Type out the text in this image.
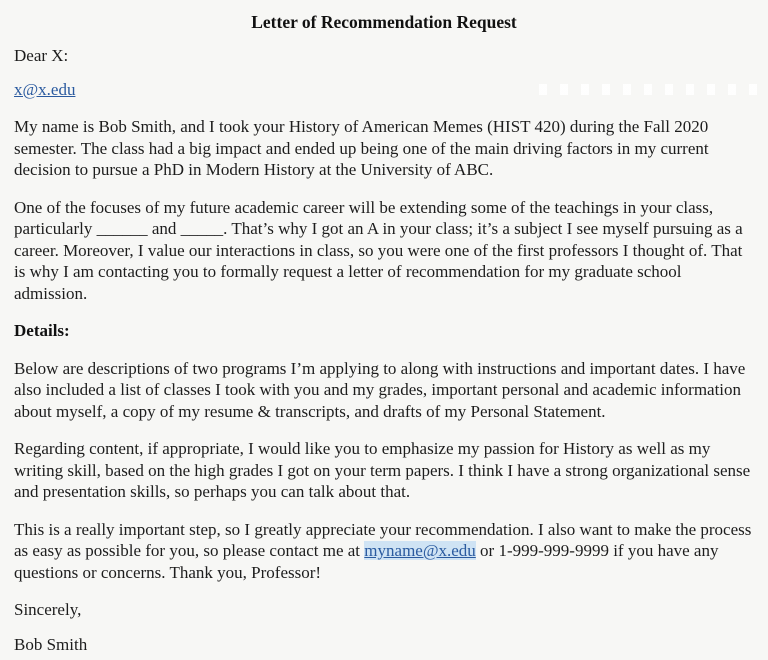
Letter of Recommendation Request

Dear X:

x@x.edu

My name is Bob Smith, and I took your History of American Memes (HIST 420) during the Fall 2020 semester. The class had a big impact and ended up being one of the main driving factors in my current decision to pursue a PhD in Modern History at the University of ABC.

One of the focuses of my future academic career will be extending some of the teachings in your class, particularly ______ and _____. That’s why I got an A in your class; it’s a subject I see myself pursuing as a career. Moreover, I value our interactions in class, so you were one of the first professors I thought of. That is why I am contacting you to formally request a letter of recommendation for my graduate school admission.

Details:

Below are descriptions of two programs I’m applying to along with instructions and important dates. I have also included a list of classes I took with you and my grades, important personal and academic information about myself, a copy of my resume & transcripts, and drafts of my Personal Statement.

Regarding content, if appropriate, I would like you to emphasize my passion for History as well as my writing skill, based on the high grades I got on your term papers. I think I have a strong organizational sense and presentation skills, so perhaps you can talk about that.

This is a really important step, so I greatly appreciate your recommendation. I also want to make the process as easy as possible for you, so please contact me at myname@x.edu or 1-999-999-9999 if you have any questions or concerns. Thank you, Professor!

Sincerely,

Bob Smith
